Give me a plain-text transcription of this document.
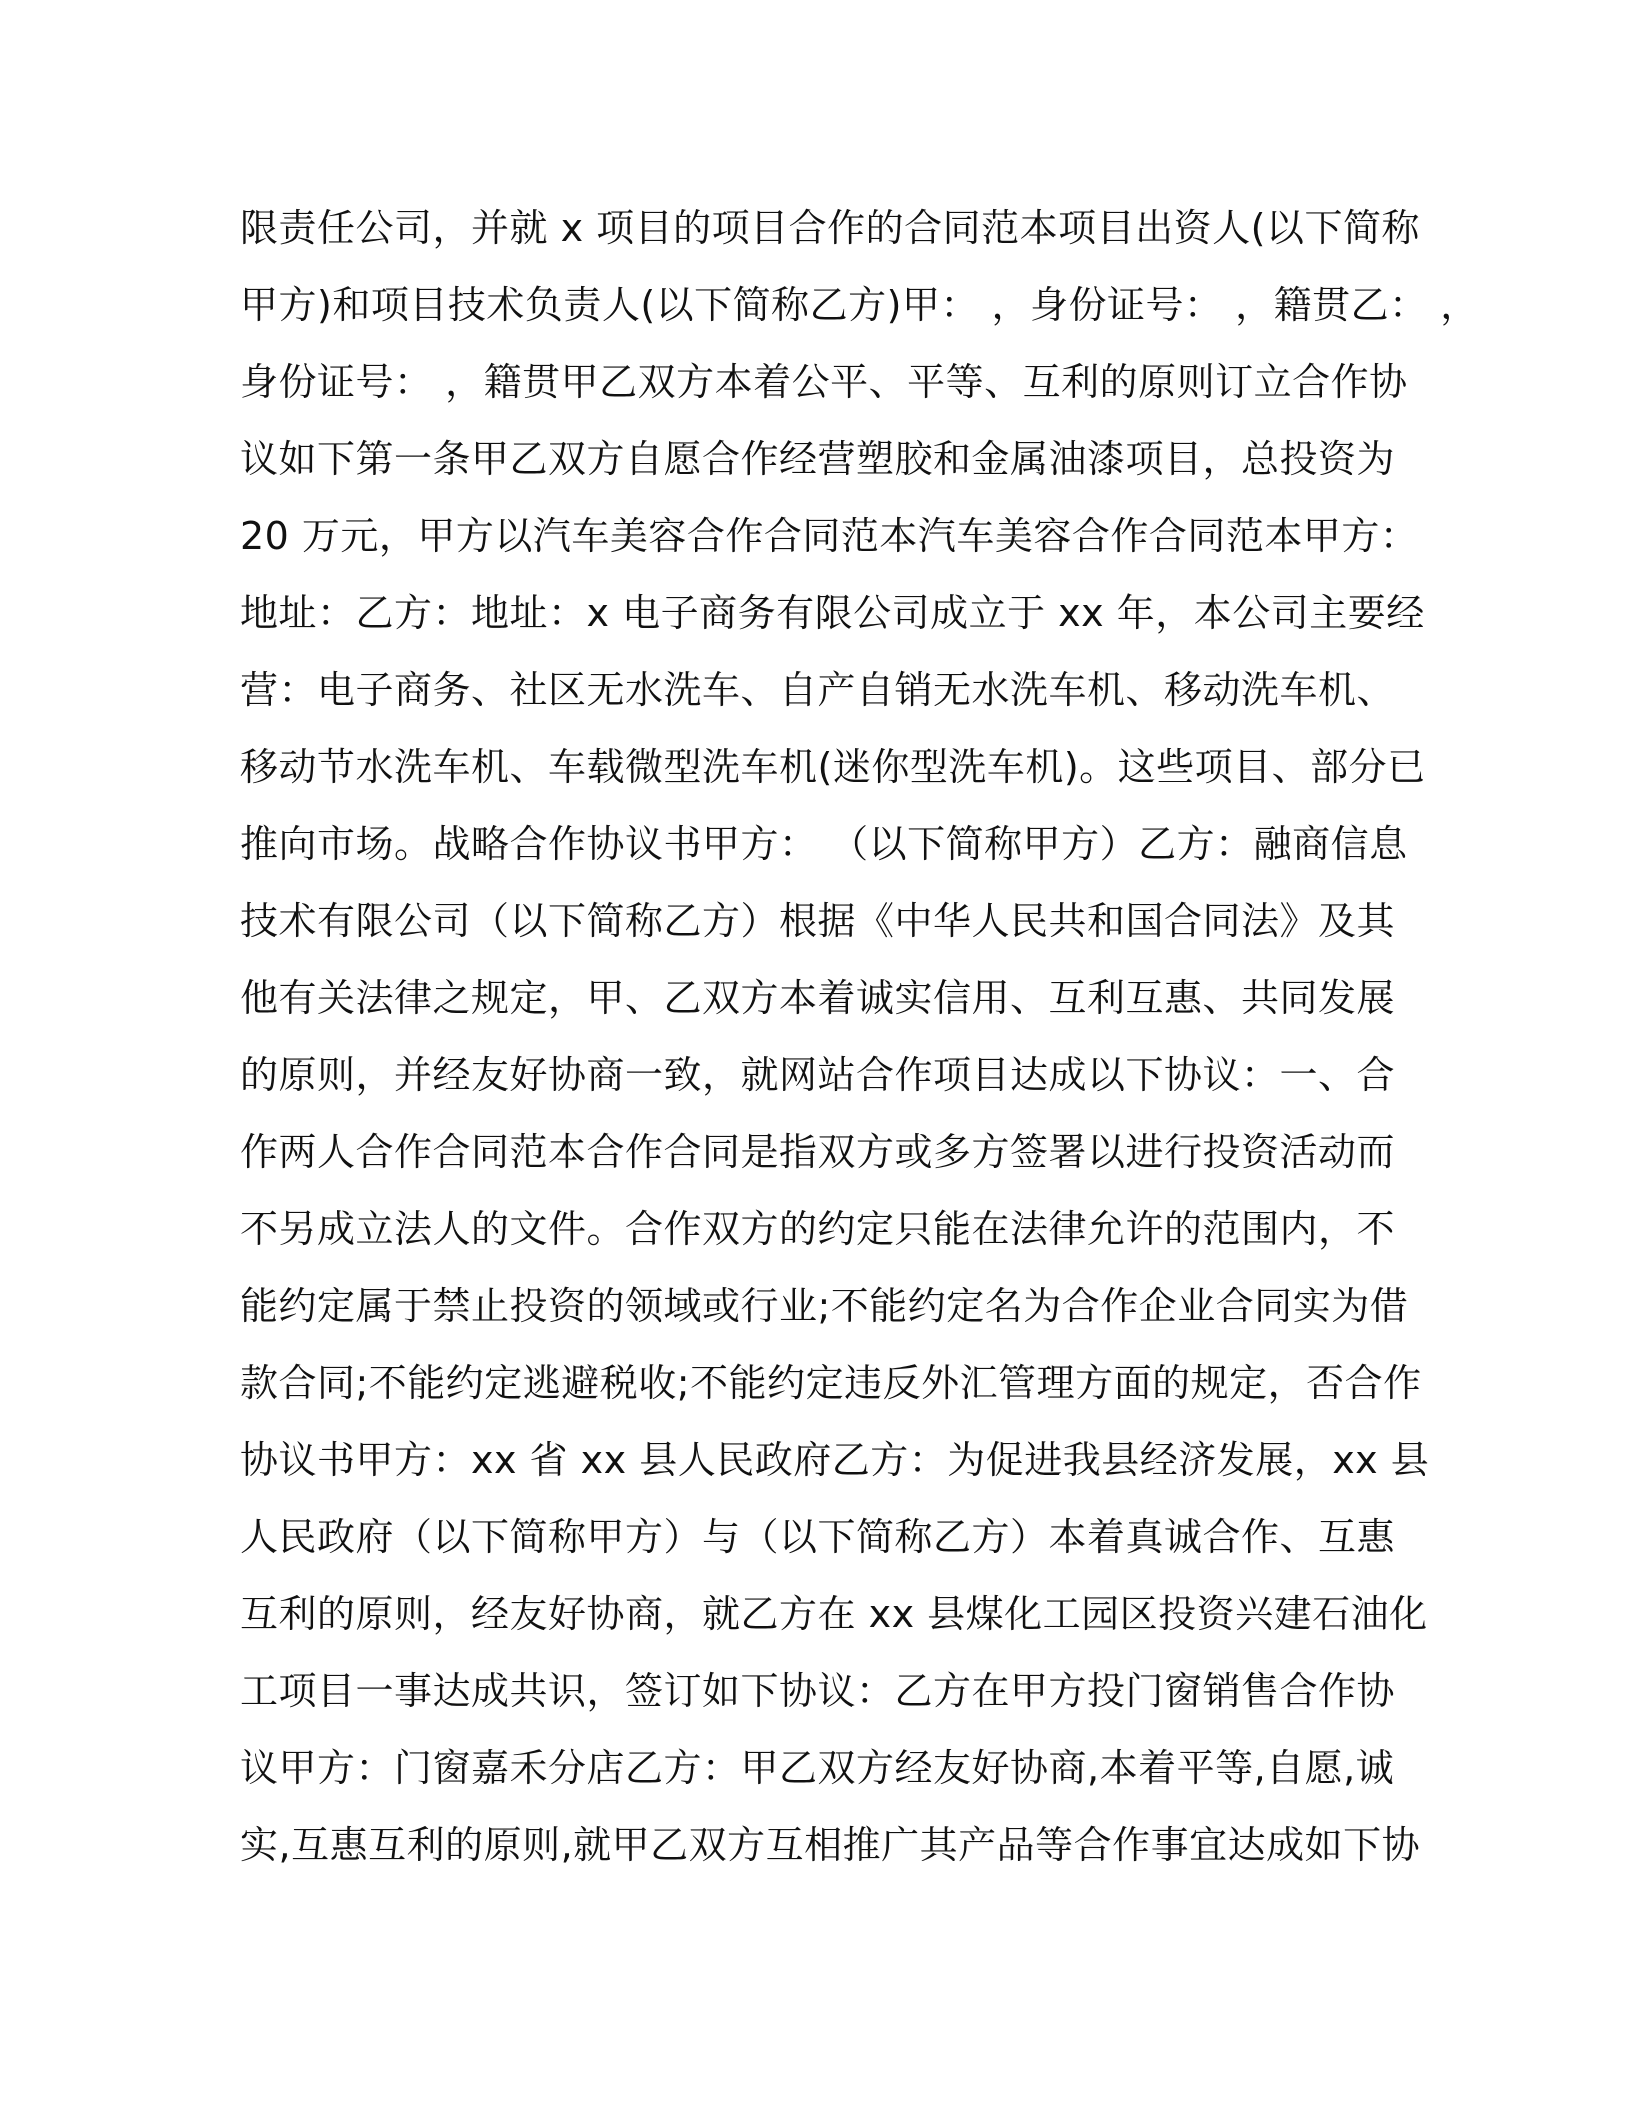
限责任公司，并就 x 项目的项目合作的合同范本项目出资人(以下简称
甲方)和项目技术负责人(以下简称乙方)甲： ，身份证号： ，籍贯乙： ，
身份证号： ，籍贯甲乙双方本着公平、平等、互利的原则订立合作协
议如下第一条甲乙双方自愿合作经营塑胶和金属油漆项目，总投资为
20 万元，甲方以汽车美容合作合同范本汽车美容合作合同范本甲方：
地址：乙方：地址：x 电子商务有限公司成立于 xx 年，本公司主要经
营：电子商务、社区无水洗车、自产自销无水洗车机、移动洗车机、
移动节水洗车机、车载微型洗车机(迷你型洗车机)。这些项目、部分已
推向市场。战略合作协议书甲方： （以下简称甲方）乙方：融商信息
技术有限公司（以下简称乙方）根据《中华人民共和国合同法》及其
他有关法律之规定，甲、乙双方本着诚实信用、互利互惠、共同发展
的原则，并经友好协商一致，就网站合作项目达成以下协议：一、合
作两人合作合同范本合作合同是指双方或多方签署以进行投资活动而
不另成立法人的文件。合作双方的约定只能在法律允许的范围内，不
能约定属于禁止投资的领域或行业;不能约定名为合作企业合同实为借
款合同;不能约定逃避税收;不能约定违反外汇管理方面的规定，否合作
协议书甲方：xx 省 xx 县人民政府乙方：为促进我县经济发展，xx 县
人民政府（以下简称甲方）与（以下简称乙方）本着真诚合作、互惠
互利的原则，经友好协商，就乙方在 xx 县煤化工园区投资兴建石油化
工项目一事达成共识，签订如下协议：乙方在甲方投门窗销售合作协
议甲方：门窗嘉禾分店乙方：甲乙双方经友好协商,本着平等,自愿,诚
实,互惠互利的原则,就甲乙双方互相推广其产品等合作事宜达成如下协
